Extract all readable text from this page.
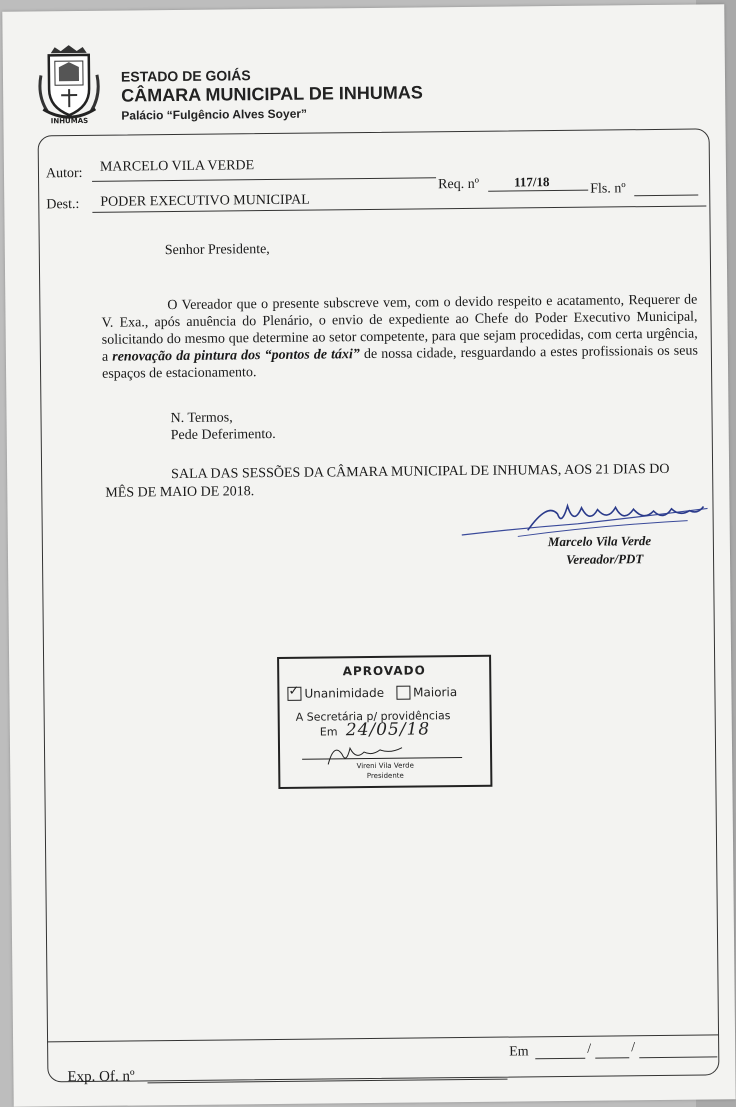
INHUMAS
ESTADO DE GOIÁS
CÂMARA MUNICIPAL DE INHUMAS
Palácio “Fulgêncio Alves Soyer”
Autor: MARCELO VILA VERDE
Req. nº	117/18	Fls. nº
Dest.: PODER EXECUTIVO MUNICIPAL
Senhor Presidente,
O Vereador que o presente subscreve vem, com o devido respeito e acatamento, Requerer de V. Exa., após anuência do Plenário, o envio de expediente ao Chefe do Poder Executivo Municipal, solicitando do mesmo que determine ao setor competente, para que sejam procedidas, com certa urgência, a renovação da pintura dos “pontos de táxi” de nossa cidade, resguardando a estes profissionais os seus espaços de estacionamento.
N. Termos,
Pede Deferimento.
SALA DAS SESSÕES DA CÂMARA MUNICIPAL DE INHUMAS, AOS 21 DIAS DO
MÊS DE MAIO DE 2018.
Marcelo Vila Verde
Vereador/PDT
APROVADO
✓
Unanimidade Maioria
A Secretária p/ providências
Em 24/05/18
Vireni Vila Verde
Presidente
Em	/	/
Exp. Of. nº
